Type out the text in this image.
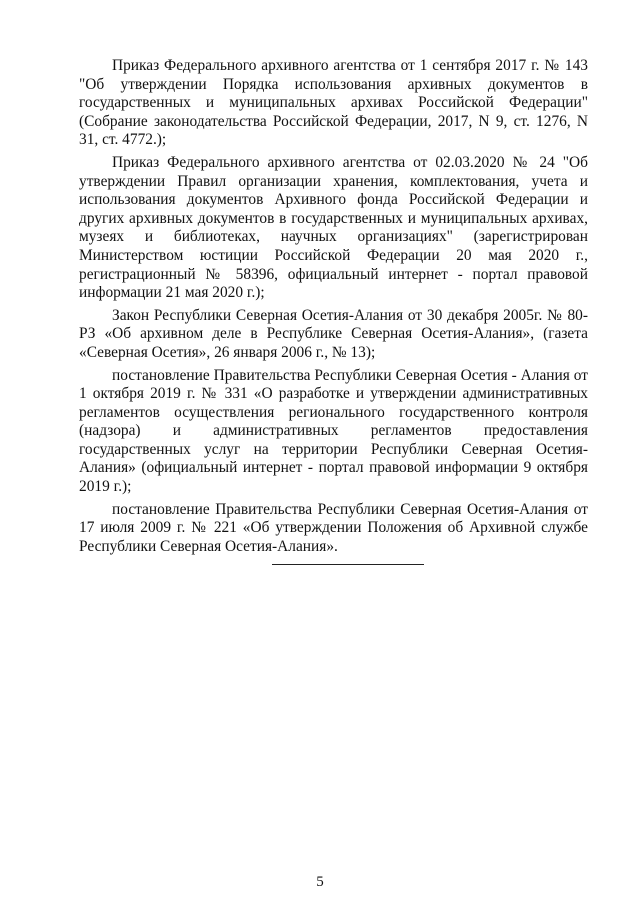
Приказ Федерального архивного агентства от 1 сентября 2017 г. № 143 "Об утверждении Порядка использования архивных документов в государственных и муниципальных архивах Российской Федерации" (Собрание законодательства Российской Федерации, 2017, N 9, ст. 1276, N 31, ст. 4772.);

Приказ Федерального архивного агентства от 02.03.2020 № 24 "Об утверждении Правил организации хранения, комплектования, учета и использования документов Архивного фонда Российской Федерации и других архивных документов в государственных и муниципальных архивах, музеях и библиотеках, научных организациях" (зарегистрирован Министерством юстиции Российской Федерации 20 мая 2020 г., регистрационный № 58396, официальный интернет - портал правовой информации 21 мая 2020 г.);

Закон Республики Северная Осетия-Алания от 30 декабря 2005г. № 80-РЗ «Об архивном деле в Республике Северная Осетия-Алания», (газета «Северная Осетия», 26 января 2006 г., № 13);

постановление Правительства Республики Северная Осетия - Алания от 1 октября 2019 г. № 331 «О разработке и утверждении административных регламентов осуществления регионального государственного контроля (надзора) и административных регламентов предоставления государственных услуг на территории Республики Северная Осетия-Алания» (официальный интернет - портал правовой информации 9 октября 2019 г.);

постановление Правительства Республики Северная Осетия-Алания от 17 июля 2009 г. № 221 «Об утверждении Положения об Архивной службе Республики Северная Осетия-Алания».

5
